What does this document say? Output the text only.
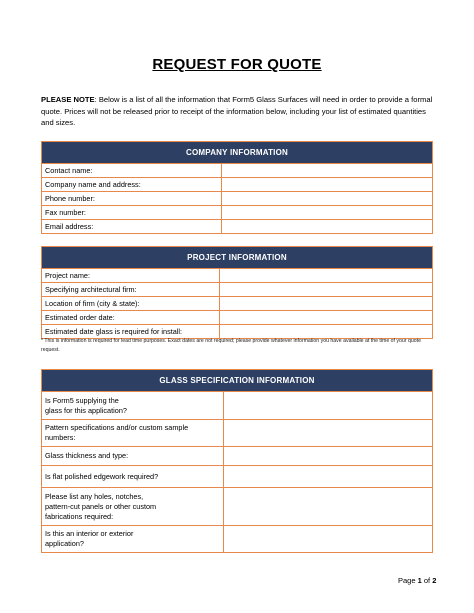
REQUEST FOR QUOTE
PLEASE NOTE: Below is a list of all the information that Form5 Glass Surfaces will need in order to provide a formal quote. Prices will not be released prior to receipt of the information below, including your list of estimated quantities and sizes.
COMPANY INFORMATION	
Contact name:	
Company name and address:	
Phone number:	
Fax number:	
Email address:	
PROJECT INFORMATION	
Project name:	
Specifying architectural firm:	
Location of firm (city & state):	
Estimated order date:	
Estimated date glass is required for install:	
* This is information is required for lead time purposes. Exact dates are not required; please provide whatever information you have available at the time of your quote request.
GLASS SPECIFICATION INFORMATION	
Is Form5 supplying the
glass for this application?	
Pattern specifications and/or custom sample
numbers:	
Glass thickness and type:	
Is flat polished edgework required?	
Please list any holes, notches,
pattern-cut panels or other custom
fabrications required:	
Is this an interior or exterior
application?	
Page 1 of 2
